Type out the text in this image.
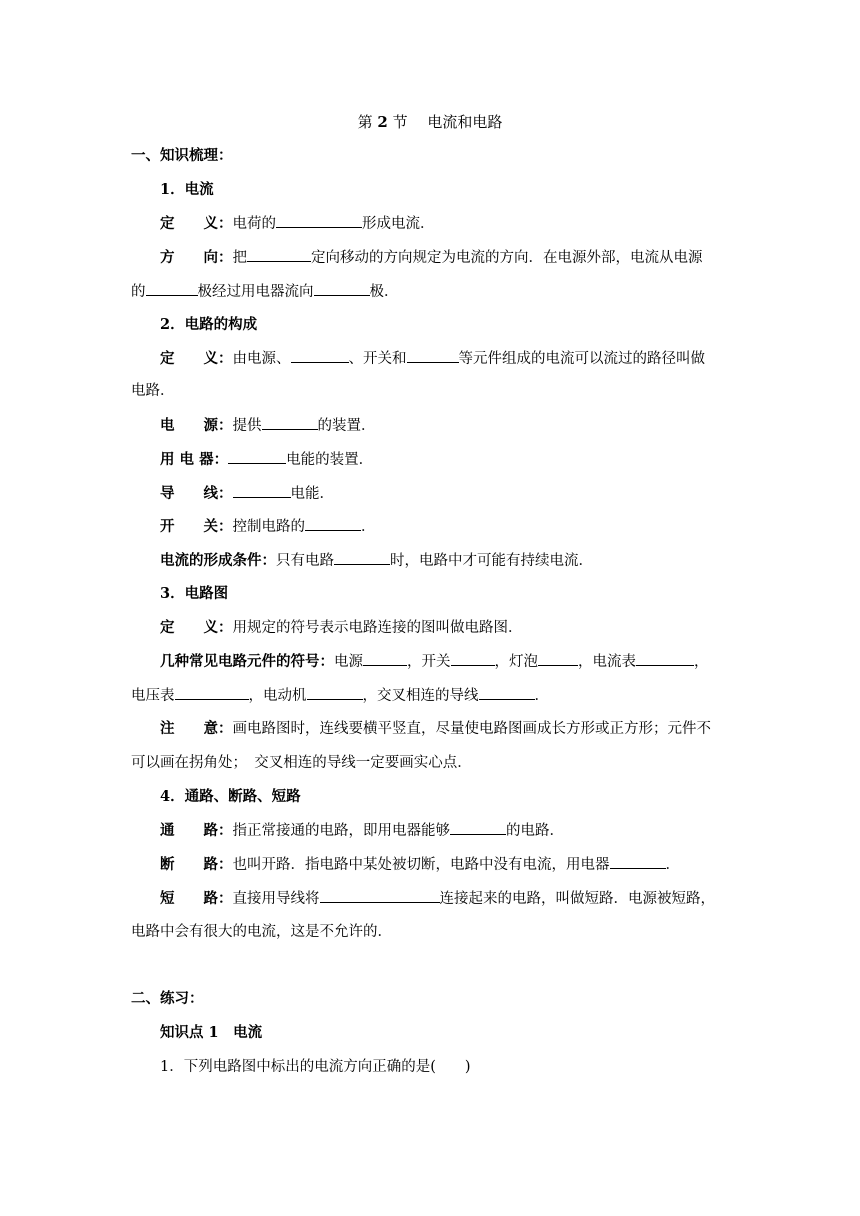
第 2 节　 电流和电路
一、知识梳理：
1．电流
定　　义：电荷的	形成电流．
方　　向：把	定向移动的方向规定为电流的方向．在电源外部，电流从电源
的	极经过用电器流向	极．
2．电路的构成
定　　义：由电源、	、开关和	等元件组成的电流可以流过的路径叫做
电路．
电　　源：提供	的装置．
用 电 器：	电能的装置．
导　　线：	电能．
开　　关：控制电路的	．
电流的形成条件：只有电路	时，电路中才可能有持续电流．
3．电路图
定　　义：用规定的符号表示电路连接的图叫做电路图．
几种常见电路元件的符号：电源	，开关	，灯泡	，电流表	，
电压表	，电动机	，交叉相连的导线	．
注　　意：画电路图时，连线要横平竖直，尽量使电路图画成长方形或正方形；元件不
可以画在拐角处；　交叉相连的导线一定要画实心点．
4．通路、断路、短路
通　　路：指正常接通的电路，即用电器能够	的电路．
断　　路：也叫开路．指电路中某处被切断，电路中没有电流，用电器	．
短　　路：直接用导线将	连接起来的电路，叫做短路．电源被短路，
电路中会有很大的电流，这是不允许的．
二、练习：
知识点 1　电流
1．下列电路图中标出的电流方向正确的是(　　)
